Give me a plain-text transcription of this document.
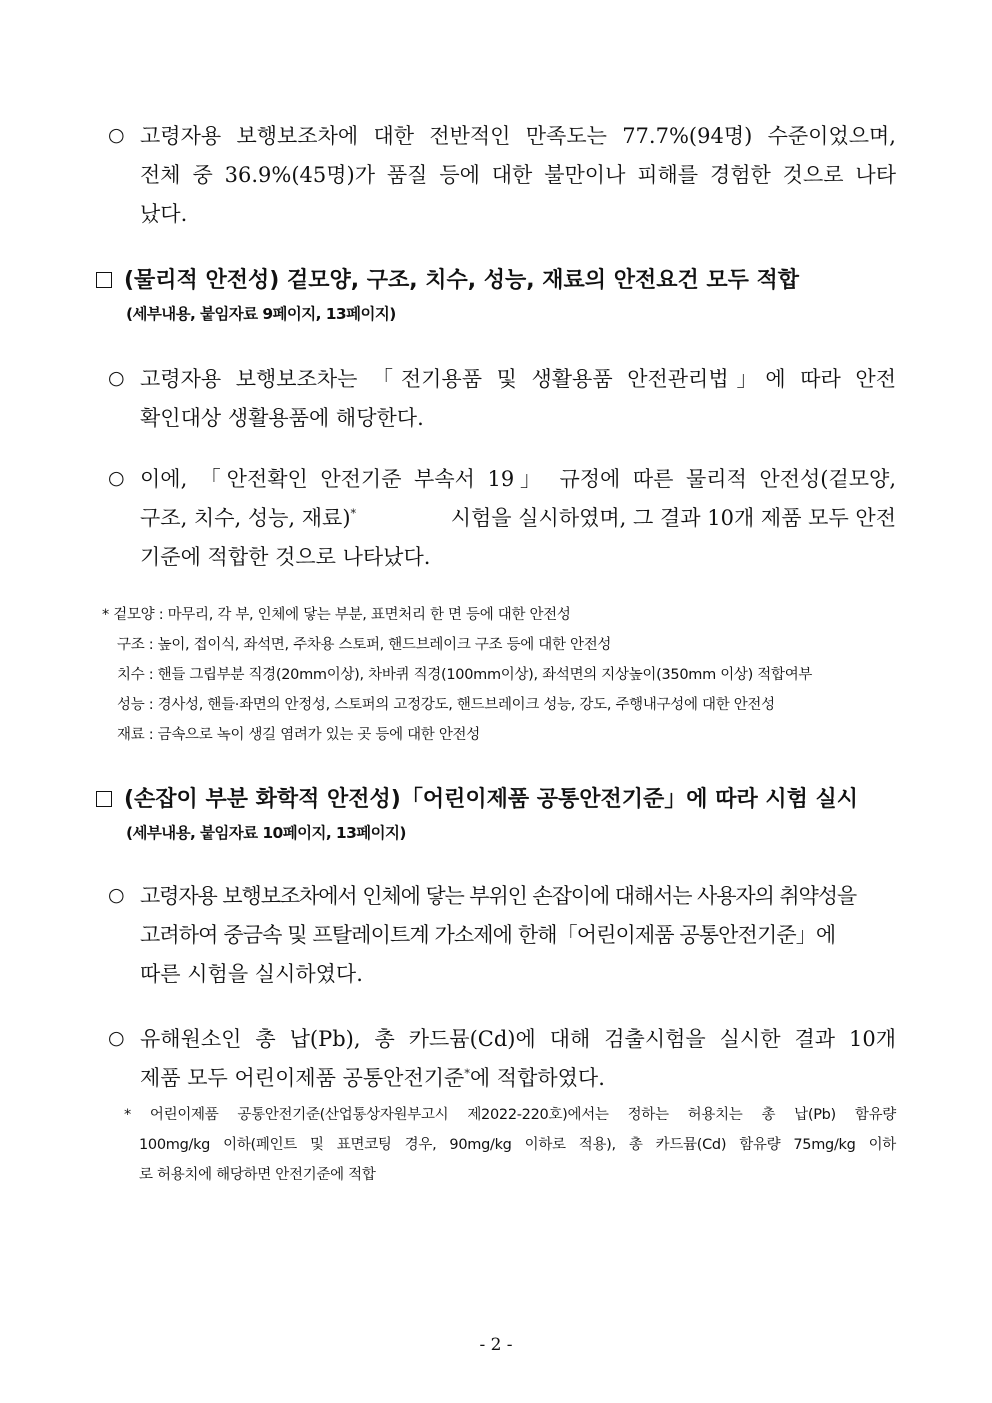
○ 고령자용 보행보조차에 대한 전반적인 만족도는 77.7%(94명) 수준이었으며,
전체 중 36.9%(45명)가 품질 등에 대한 불만이나 피해를 경험한 것으로 나타
났다.
(물리적 안전성) 겉모양, 구조, 치수, 성능, 재료의 안전요건 모두 적합
(세부내용, 붙임자료 9페이지, 13페이지)
○ 고령자용 보행보조차는 「전기용품 및 생활용품 안전관리법」에 따라 안전
확인대상 생활용품에 해당한다.
○ 이에, 「안전확인 안전기준 부속서 19」 규정에 따른 물리적 안전성(겉모양,
구조, 치수, 성능, 재료)*	시험을 실시하였며, 그 결과 10개 제품 모두 안전
기준에 적합한 것으로 나타났다.
* 겉모양 : 마무리, 각 부, 인체에 닿는 부분, 표면처리 한 면 등에 대한 안전성
구조 : 높이, 접이식, 좌석면, 주차용 스토퍼, 핸드브레이크 구조 등에 대한 안전성
치수 : 핸들 그립부분 직경(20mm이상), 차바퀴 직경(100mm이상), 좌석면의 지상높이(350mm 이상) 적합여부
성능 : 경사성, 핸들·좌면의 안정성, 스토퍼의 고정강도, 핸드브레이크 성능, 강도, 주행내구성에 대한 안전성
재료 : 금속으로 녹이 생길 염려가 있는 곳 등에 대한 안전성
(손잡이 부분 화학적 안전성)「어린이제품 공통안전기준」에 따라 시험 실시
(세부내용, 붙임자료 10페이지, 13페이지)
○ 고령자용 보행보조차에서 인체에 닿는 부위인 손잡이에 대해서는 사용자의 취약성을
고려하여 중금속 및 프탈레이트계 가소제에 한해「어린이제품 공통안전기준」에
따른 시험을 실시하였다.
○ 유해원소인 총 납(Pb), 총 카드뮴(Cd)에 대해 검출시험을 실시한 결과 10개
제품 모두 어린이제품 공통안전기준*에 적합하였다.
* 어린이제품 공통안전기준(산업통상자원부고시 제2022-220호)에서는 정하는 허용치는 총 납(Pb) 함유량
100mg/kg 이하(페인트 및 표면코팅 경우, 90mg/kg 이하로 적용), 총 카드뮴(Cd) 함유량 75mg/kg 이하
로 허용치에 해당하면 안전기준에 적합
- 2 -
